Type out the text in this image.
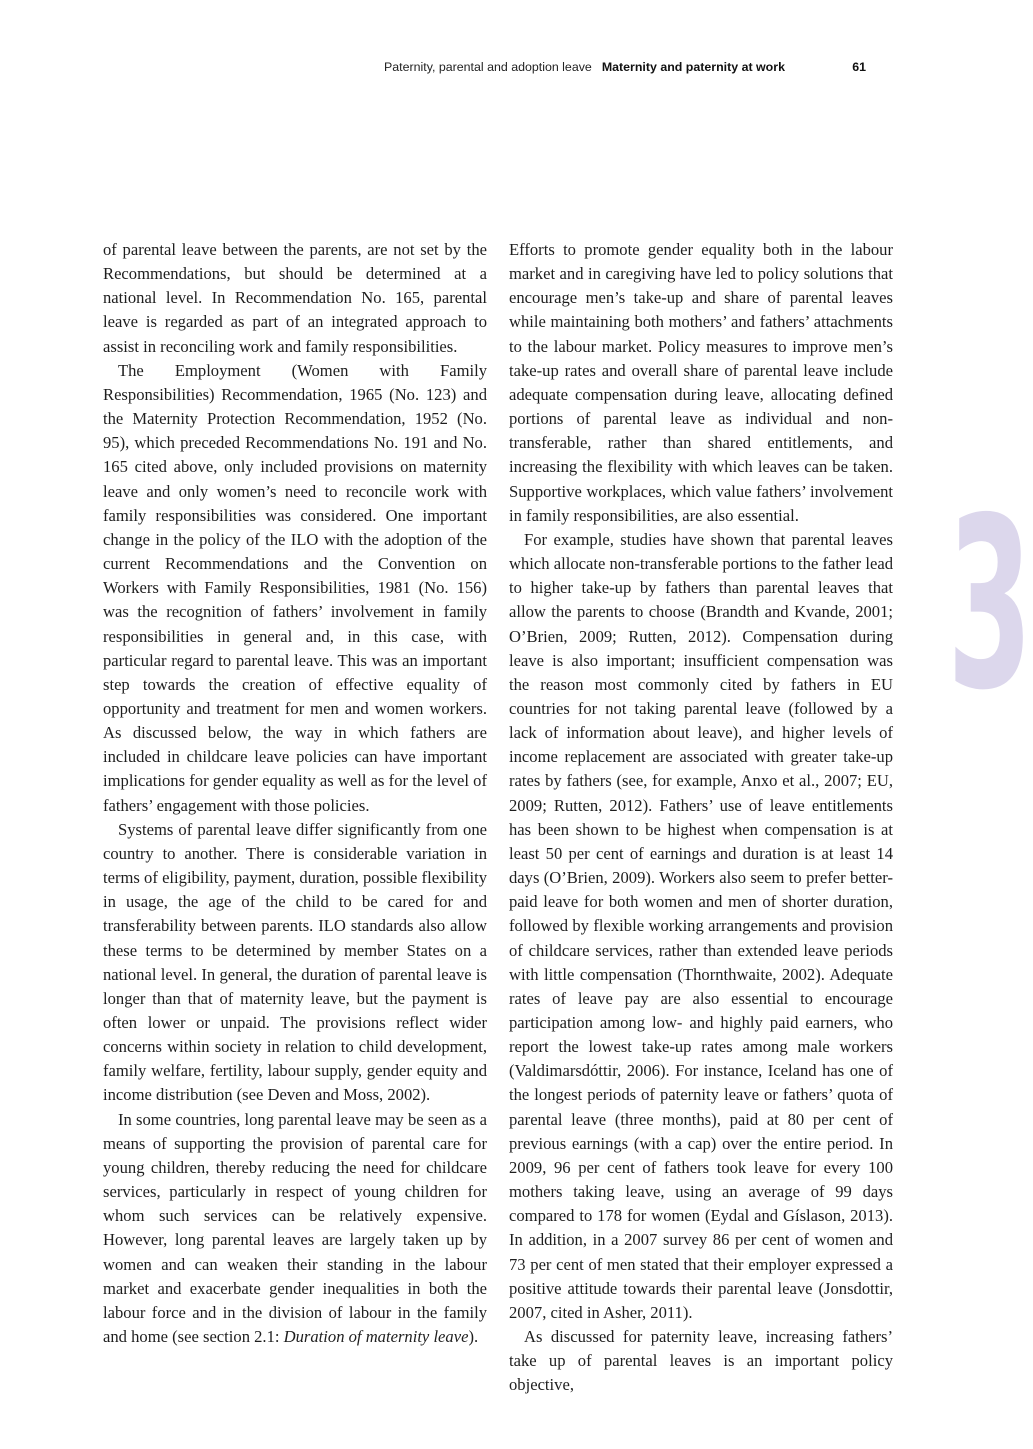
Paternity, parental and adoption leave Maternity and paternity at work	61
3

of parental leave between the parents, are not set by the Recommendations, but should be determined at a national level. In Recommendation No. 165, parental leave is regarded as part of an integrated approach to assist in reconciling work and family responsibilities.

The Employment (Women with Family Responsibilities) Recommendation, 1965 (No. 123) and the Maternity Protection Recommendation, 1952 (No. 95), which preceded Recommendations No. 191 and No. 165 cited above, only included provisions on maternity leave and only women’s need to reconcile work with family responsibilities was considered. One important change in the policy of the ILO with the adoption of the current Recommendations and the Convention on Workers with Family Responsibilities, 1981 (No. 156) was the recognition of fathers’ involvement in family responsibilities in general and, in this case, with particular regard to parental leave. This was an important step towards the creation of effective equality of opportunity and treatment for men and women workers. As discussed below, the way in which fathers are included in childcare leave policies can have important implications for gender equality as well as for the level of fathers’ engagement with those policies.

Systems of parental leave differ significantly from one country to another. There is considerable variation in terms of eligibility, payment, duration, possible flexibility in usage, the age of the child to be cared for and transferability between parents. ILO standards also allow these terms to be determined by member States on a national level. In general, the duration of parental leave is longer than that of maternity leave, but the payment is often lower or unpaid. The provisions reflect wider concerns within society in relation to child development, family welfare, fertility, labour supply, gender equity and income distribution (see Deven and Moss, 2002).

In some countries, long parental leave may be seen as a means of supporting the provision of parental care for young children, thereby reducing the need for childcare services, particularly in respect of young children for whom such services can be relatively expensive. However, long parental leaves are largely taken up by women and can weaken their standing in the labour market and exacerbate gender inequalities in both the labour force and in the division of labour in the family and home (see section 2.1: Duration of maternity leave).

Efforts to promote gender equality both in the labour market and in caregiving have led to policy solutions that encourage men’s take-up and share of parental leaves while maintaining both mothers’ and fathers’ attachments to the labour market. Policy measures to improve men’s take-up rates and overall share of parental leave include adequate compensation during leave, allocating defined portions of parental leave as individual and non-transferable, rather than shared entitlements, and increasing the flexibility with which leaves can be taken. Supportive workplaces, which value fathers’ involvement in family responsibilities, are also essential.

For example, studies have shown that parental leaves which allocate non-transferable portions to the father lead to higher take-up by fathers than parental leaves that allow the parents to choose (Brandth and Kvande, 2001; O’Brien, 2009; Rutten, 2012). Compensation during leave is also important; insufficient compensation was the reason most commonly cited by fathers in EU countries for not taking parental leave (followed by a lack of information about leave), and higher levels of income replacement are associated with greater take-up rates by fathers (see, for example, Anxo et al., 2007; EU, 2009; Rutten, 2012). Fathers’ use of leave entitlements has been shown to be highest when compensation is at least 50 per cent of earnings and duration is at least 14 days (O’Brien, 2009). Workers also seem to prefer better-paid leave for both women and men of shorter duration, followed by flexible working arrangements and provision of childcare services, rather than extended leave periods with little compensation (Thornthwaite, 2002). Adequate rates of leave pay are also essential to encourage participation among low- and highly paid earners, who report the lowest take-up rates among male workers (Valdimarsdóttir, 2006). For instance, Iceland has one of the longest periods of paternity leave or fathers’ quota of parental leave (three months), paid at 80 per cent of previous earnings (with a cap) over the entire period. In 2009, 96 per cent of fathers took leave for every 100 mothers taking leave, using an average of 99 days compared to 178 for women (Eydal and Gíslason, 2013). In addition, in a 2007 survey 86 per cent of women and 73 per cent of men stated that their employer expressed a positive attitude towards their parental leave (Jonsdottir, 2007, cited in Asher, 2011).

As discussed for paternity leave, increasing fathers’ take up of parental leaves is an important policy objective,
